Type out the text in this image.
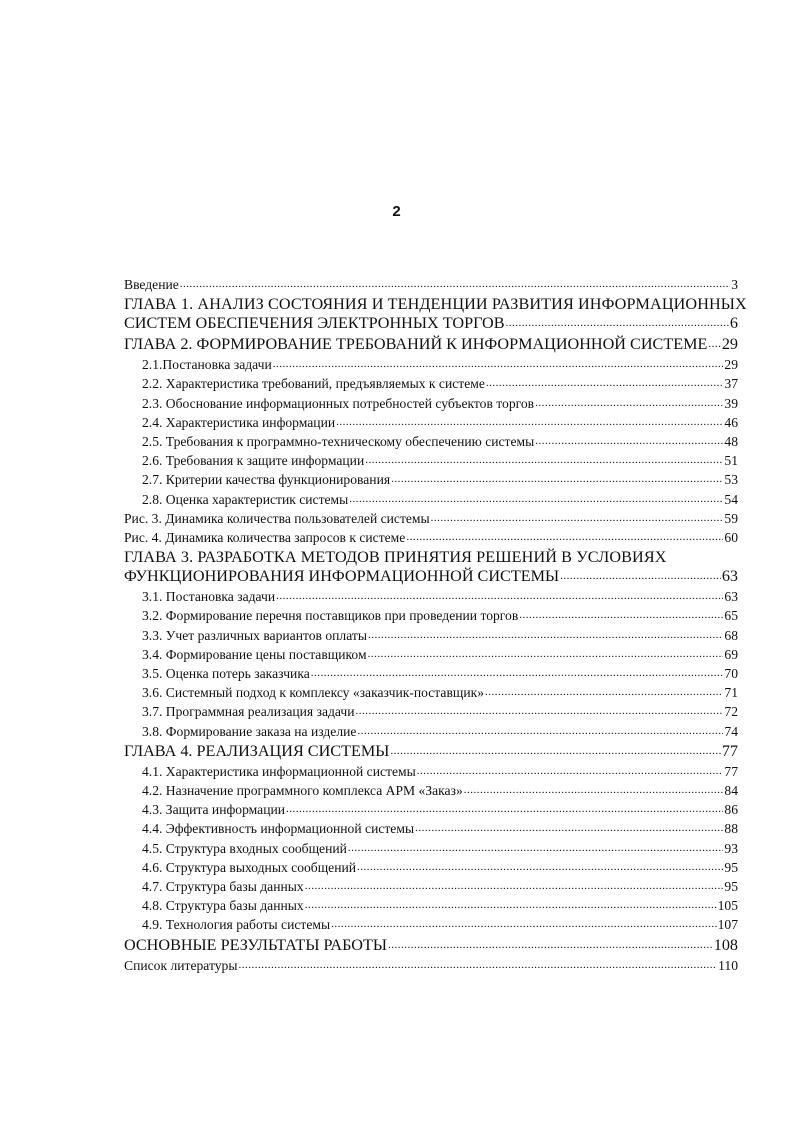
2
Введение .....	3
ГЛАВА 1. АНАЛИЗ СОСТОЯНИЯ И ТЕНДЕНЦИИ РАЗВИТИЯ ИНФОРМАЦИОННЫХ
СИСТЕМ ОБЕСПЕЧЕНИЯ ЭЛЕКТРОННЫХ ТОРГОВ .....	6
ГЛАВА 2. ФОРМИРОВАНИЕ ТРЕБОВАНИЙ К ИНФОРМАЦИОННОЙ СИСТЕМЕ ..... 29
2.1.Постановка задачи .....	29
2.2. Характеристика требований, предъявляемых к системе .....	37
2.3. Обоснование информационных потребностей субъектов торгов .....	39
2.4. Характеристика информации .....	46
2.5. Требования к программно-техническому обеспечению системы .....	48
2.6. Требования к защите информации .....	51
2.7. Критерии качества функционирования .....	53
2.8. Оценка характеристик системы .....	54
Рис. 3. Динамика количества пользователей системы .....	59
Рис. 4. Динамика количества запросов к системе .....	60
ГЛАВА 3. РАЗРАБОТКА МЕТОДОВ ПРИНЯТИЯ РЕШЕНИЙ В УСЛОВИЯХ
ФУНКЦИОНИРОВАНИЯ ИНФОРМАЦИОННОЙ СИСТЕМЫ .....	63
3.1. Постановка задачи .....	63
3.2. Формирование перечня поставщиков при проведении торгов .....	65
3.3. Учет различных вариантов оплаты .....	68
3.4. Формирование цены поставщиком .....	69
3.5. Оценка потерь заказчика .....	70
3.6. Системный подход к комплексу «заказчик-поставщик» .....	71
3.7. Программная реализация задачи .....	72
3.8. Формирование заказа на изделие .....	74
ГЛАВА 4. РЕАЛИЗАЦИЯ СИСТЕМЫ .....	77
4.1. Характеристика информационной системы .....	77
4.2. Назначение программного комплекса АРМ «Заказ» .....	84
4.3. Защита информации .....	86
4.4. Эффективность информационной системы .....	88
4.5. Структура входных сообщений .....	93
4.6. Структура выходных сообщений .....	95
4.7. Структура базы данных .....	95
4.8. Структура базы данных .....	105
4.9. Технология работы системы .....	107
ОСНОВНЫЕ РЕЗУЛЬТАТЫ РАБОТЫ .....	108
Список литературы .....	110
